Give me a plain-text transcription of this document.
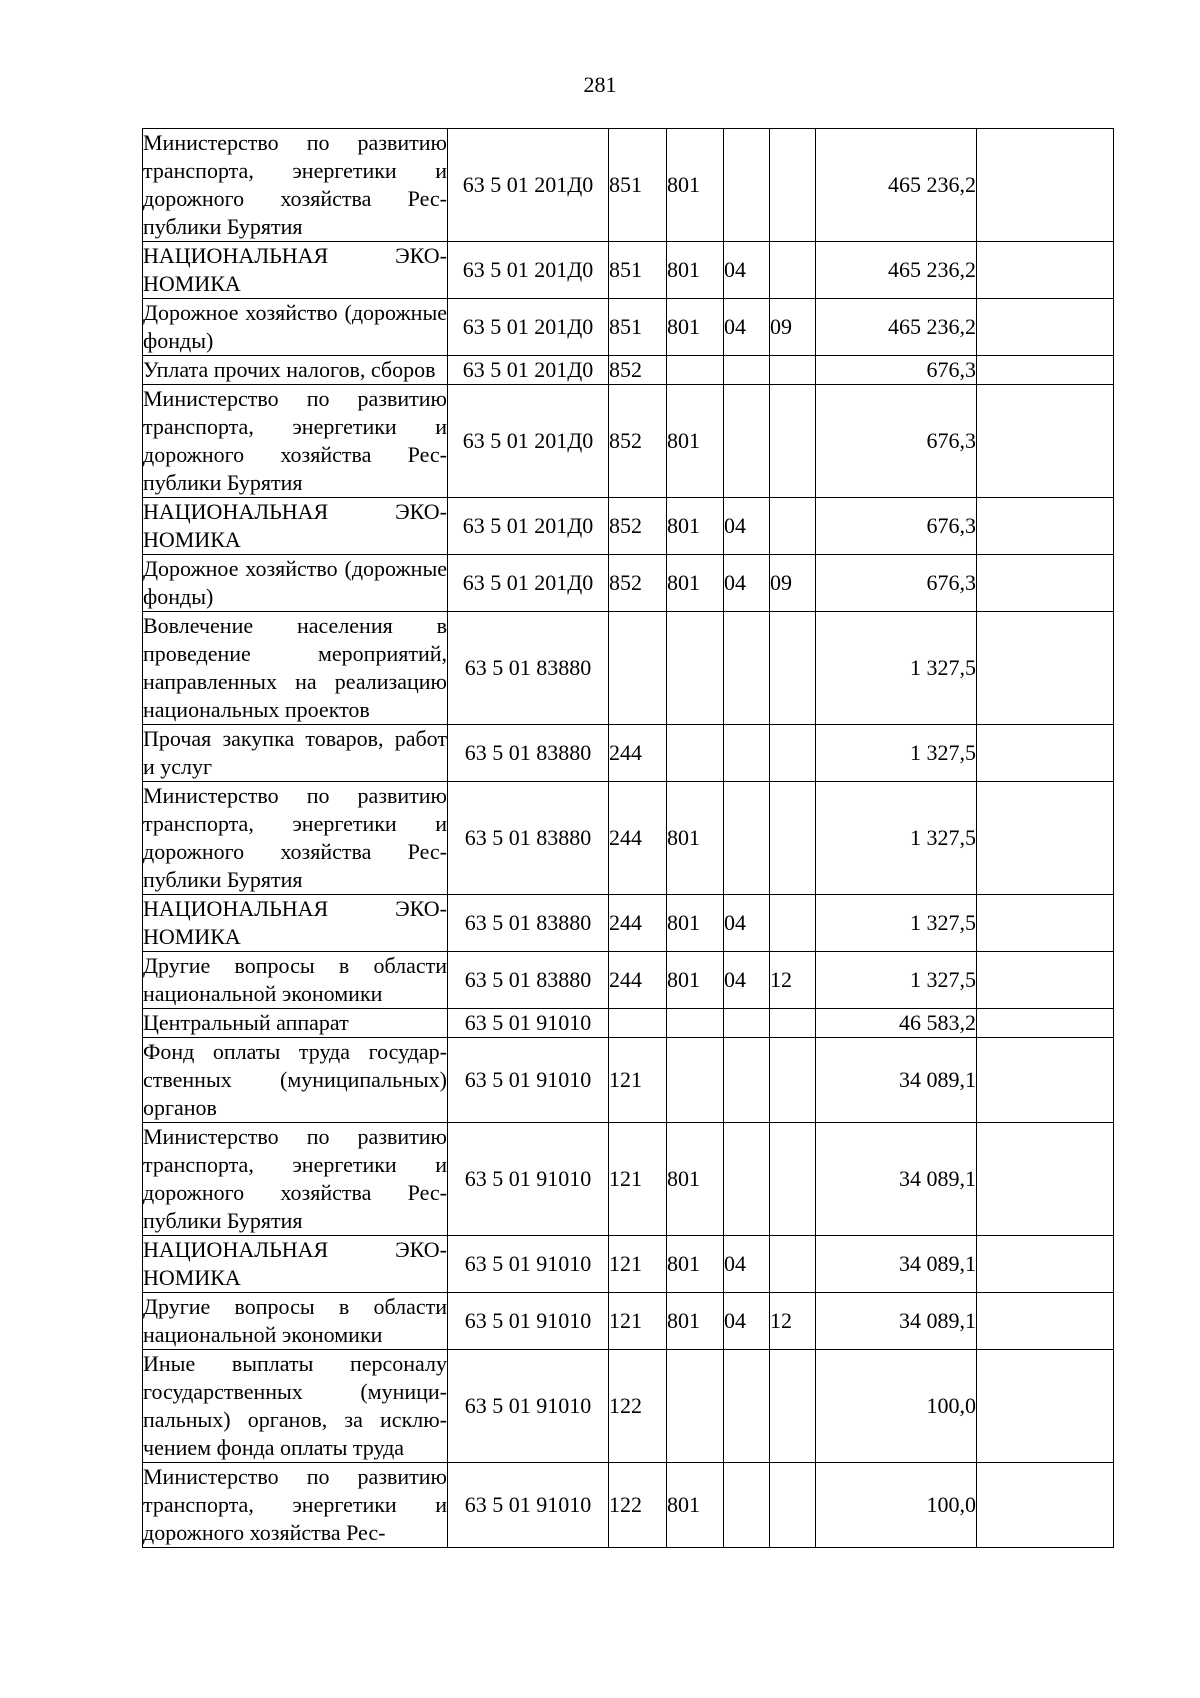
281
Министерство по развитию транспорта, энергетики и дорожного хозяйства Республики Бурятия	63 5 01 201Д0	851	801			465 236,2	
НАЦИОНАЛЬНАЯ ЭКОНОМИКА	63 5 01 201Д0	851	801	04		465 236,2	
Дорожное хозяйство (дорожные фонды)	63 5 01 201Д0	851	801	04	09	465 236,2	
Уплата прочих налогов, сборов	63 5 01 201Д0	852				676,3	
Министерство по развитию транспорта, энергетики и дорожного хозяйства Республики Бурятия	63 5 01 201Д0	852	801			676,3	
НАЦИОНАЛЬНАЯ ЭКОНОМИКА	63 5 01 201Д0	852	801	04		676,3	
Дорожное хозяйство (дорожные фонды)	63 5 01 201Д0	852	801	04	09	676,3	
Вовлечение населения в проведение мероприятий, направленных на реализацию национальных проектов	63 5 01 83880					1 327,5	
Прочая закупка товаров, работ и услуг	63 5 01 83880	244				1 327,5	
Министерство по развитию транспорта, энергетики и дорожного хозяйства Республики Бурятия	63 5 01 83880	244	801			1 327,5	
НАЦИОНАЛЬНАЯ ЭКОНОМИКА	63 5 01 83880	244	801	04		1 327,5	
Другие вопросы в области национальной экономики	63 5 01 83880	244	801	04	12	1 327,5	
Центральный аппарат	63 5 01 91010					46 583,2	
Фонд оплаты труда государственных (муниципальных) органов	63 5 01 91010	121				34 089,1	
Министерство по развитию транспорта, энергетики и дорожного хозяйства Республики Бурятия	63 5 01 91010	121	801			34 089,1	
НАЦИОНАЛЬНАЯ ЭКОНОМИКА	63 5 01 91010	121	801	04		34 089,1	
Другие вопросы в области национальной экономики	63 5 01 91010	121	801	04	12	34 089,1	
Иные выплаты персоналу государственных (муниципальных) органов, за исключением фонда оплаты труда	63 5 01 91010	122				100,0	
Министерство по развитию транспорта, энергетики и дорожного хозяйства Рес-	63 5 01 91010	122	801			100,0	
